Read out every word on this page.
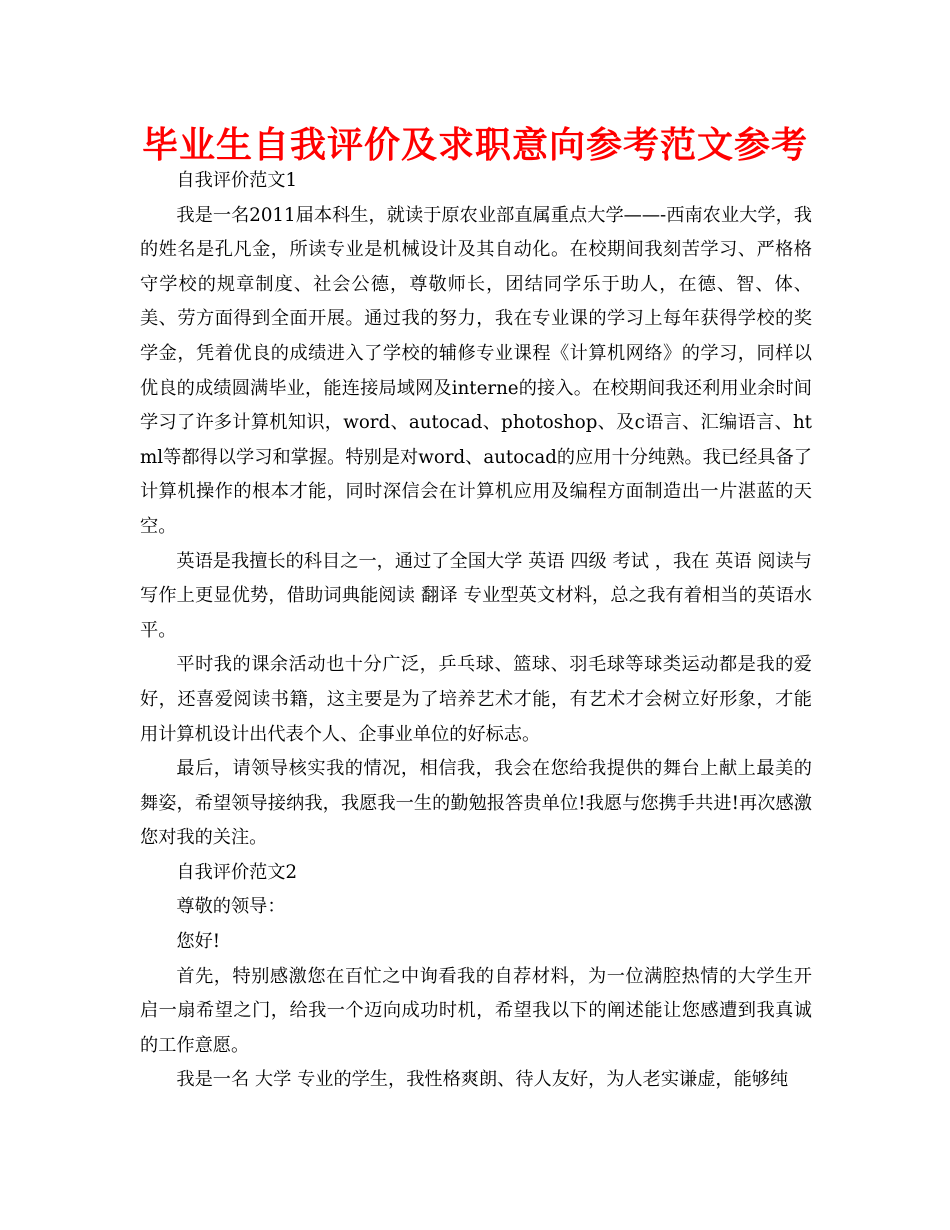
毕业生自我评价及求职意向参考范文参考

自我评价范文1

我是一名2011届本科生，就读于原农业部直属重点大学——-西南农业大学，我的姓名是孔凡金，所读专业是机械设计及其自动化。在校期间我刻苦学习、严格格守学校的规章制度、社会公德，尊敬师长，团结同学乐于助人，在德、智、体、美、劳方面得到全面开展。通过我的努力，我在专业课的学习上每年获得学校的奖学金，凭着优良的成绩进入了学校的辅修专业课程《计算机网络》的学习，同样以优良的成绩圆满毕业，能连接局域网及interne的接入。在校期间我还利用业余时间学习了许多计算机知识，word、autocad、photoshop、及c语言、汇编语言、html等都得以学习和掌握。特别是对word、autocad的应用十分纯熟。我已经具备了计算机操作的根本才能，同时深信会在计算机应用及编程方面制造出一片湛蓝的天空。

英语是我擅长的科目之一，通过了全国大学 英语 四级 考试 ，我在 英语 阅读与写作上更显优势，借助词典能阅读 翻译 专业型英文材料，总之我有着相当的英语水平。

平时我的课余活动也十分广泛，乒乓球、篮球、羽毛球等球类运动都是我的爱好，还喜爱阅读书籍，这主要是为了培养艺术才能，有艺术才会树立好形象，才能用计算机设计出代表个人、企事业单位的好标志。

最后，请领导核实我的情况，相信我，我会在您给我提供的舞台上献上最美的舞姿，希望领导接纳我，我愿我一生的勤勉报答贵单位!我愿与您携手共进!再次感激您对我的关注。

自我评价范文2

尊敬的领导：

您好!

首先，特别感激您在百忙之中询看我的自荐材料，为一位满腔热情的大学生开启一扇希望之门，给我一个迈向成功时机，希望我以下的阐述能让您感遭到我真诚的工作意愿。

我是一名 大学 专业的学生，我性格爽朗、待人友好，为人老实谦虚，能够纯
